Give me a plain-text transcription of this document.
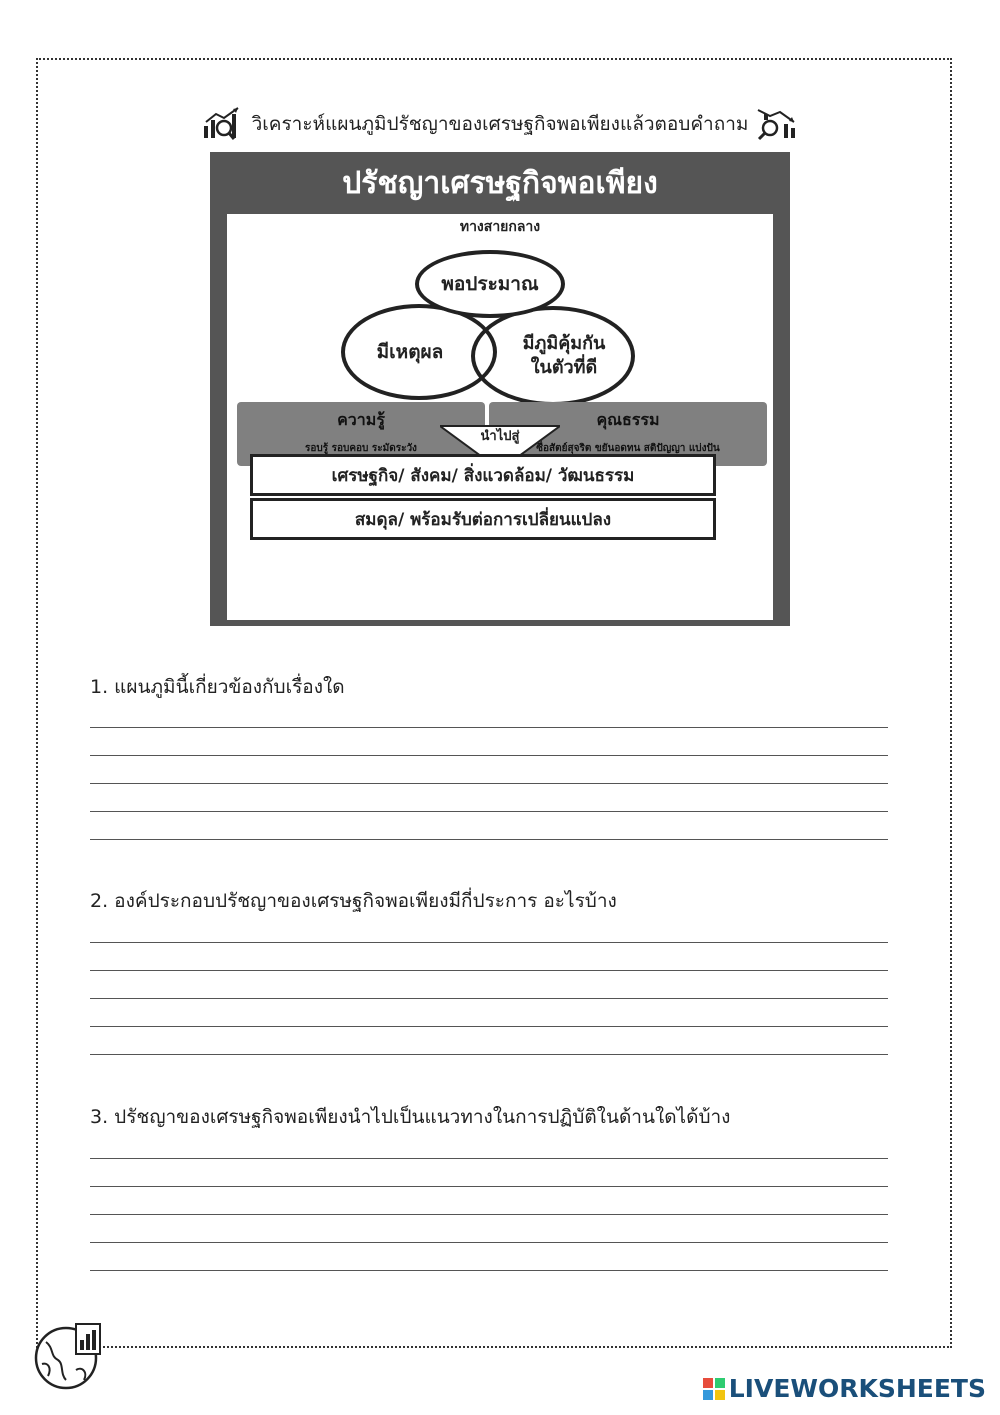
วิเคราะห์แผนภูมิปรัชญาของเศรษฐกิจพอเพียงแล้วตอบคำถาม
ปรัชญาเศรษฐกิจพอเพียง
ทางสายกลาง
มีเหตุผล	มีภูมิคุ้มกัน
ในตัวที่ดี
พอประมาณ
ความรู้
รอบรู้ รอบคอบ ระมัดระวัง
คุณธรรม
ซื่อสัตย์สุจริต ขยันอดทน สติปัญญา แบ่งปัน
นำไปสู่
เศรษฐกิจ/ สังคม/ สิ่งแวดล้อม/ วัฒนธรรม
สมดุล/ พร้อมรับต่อการเปลี่ยนแปลง
1. แผนภูมินี้เกี่ยวข้องกับเรื่องใด
2. องค์ประกอบปรัชญาของเศรษฐกิจพอเพียงมีกี่ประการ อะไรบ้าง
3. ปรัชญาของเศรษฐกิจพอเพียงนำไปเป็นแนวทางในการปฏิบัติในด้านใดได้บ้าง
LIVEWORKSHEETS
